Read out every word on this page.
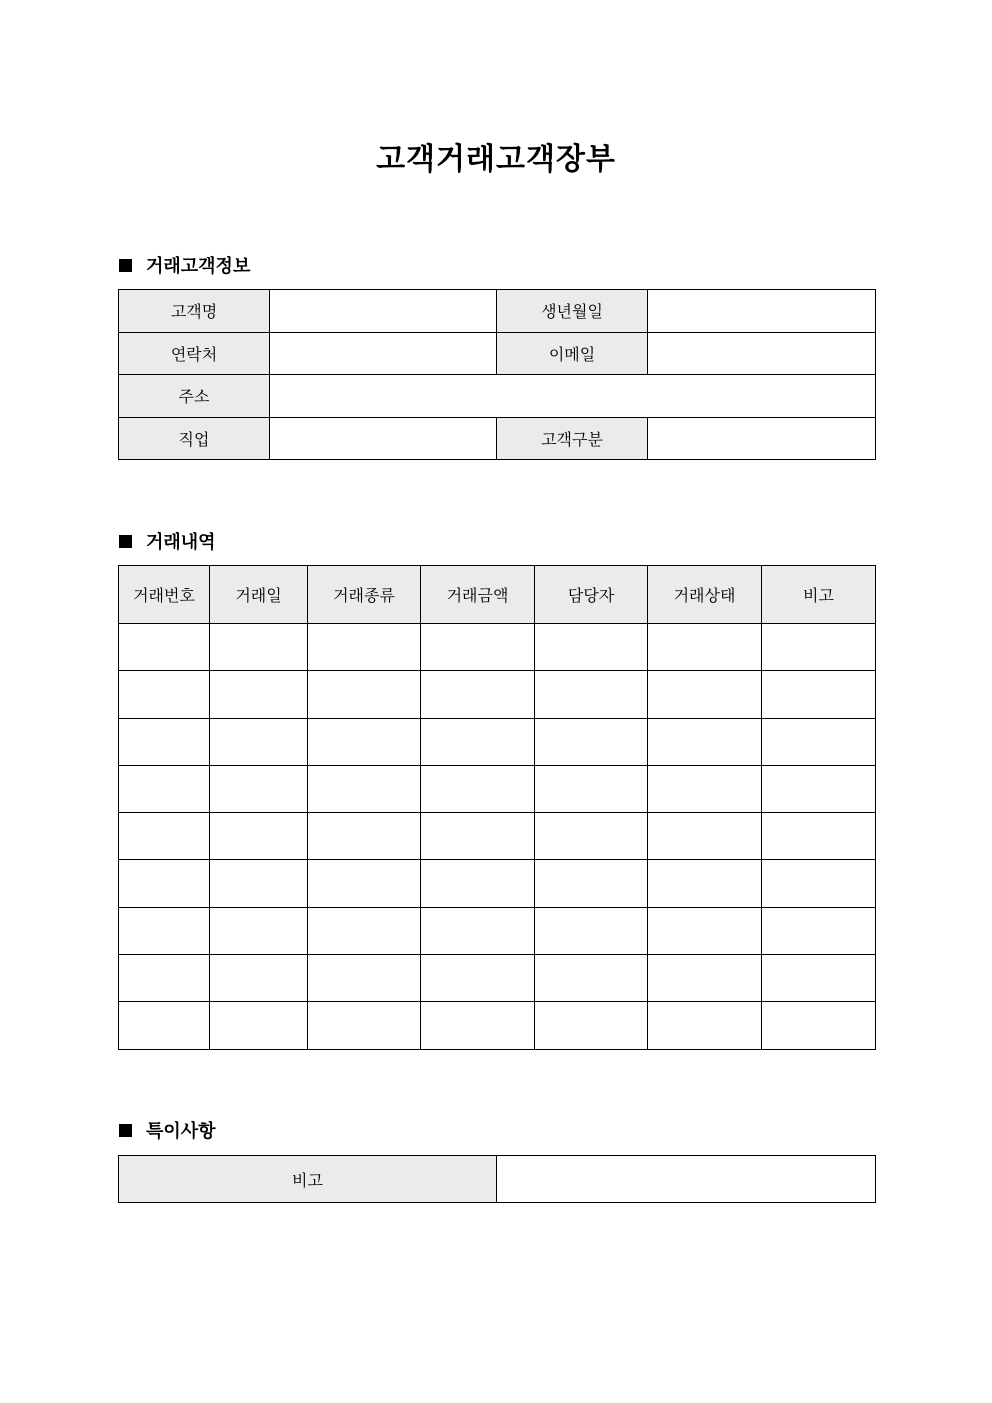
고객거래고객장부
거래고객정보
고객명		생년월일	
연락처		이메일	
주소			
직업		고객구분	
거래내역
거래번호	거래일	거래종류	거래금액	담당자	거래상태	비고

특이사항
비고	
